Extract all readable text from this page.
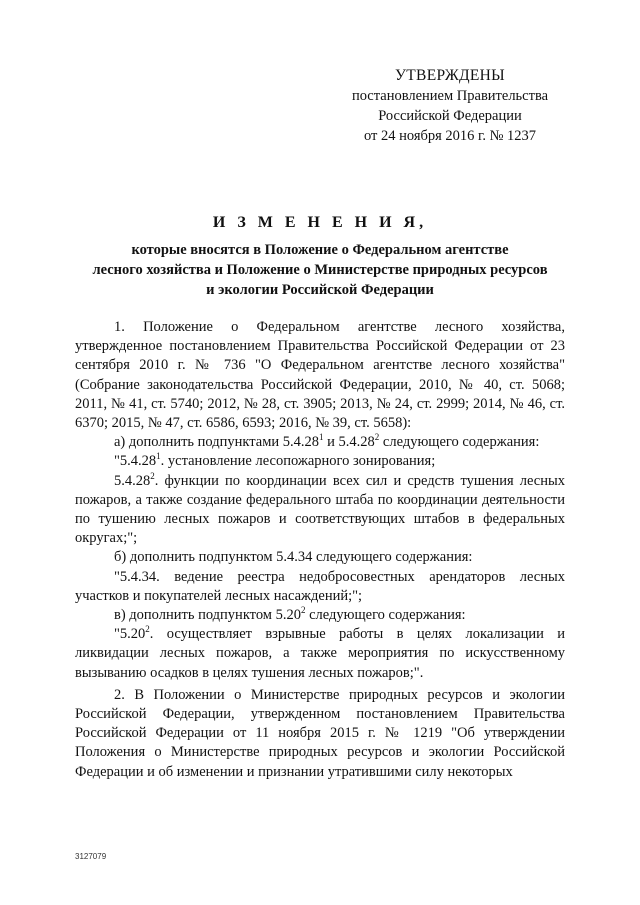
УТВЕРЖДЕНЫ
постановлением Правительства
Российской Федерации
от 24 ноября 2016 г. № 1237
И З М Е Н Е Н И Я,
которые вносятся в Положение о Федеральном агентстве
лесного хозяйства и Положение о Министерстве природных ресурсов
и экологии Российской Федерации

1. Положение о Федеральном агентстве лесного хозяйства, утвержденное постановлением Правительства Российской Федерации от 23 сентября 2010 г. № 736 "О Федеральном агентстве лесного хозяйства" (Собрание законодательства Российской Федерации, 2010, № 40, ст. 5068; 2011, № 41, ст. 5740; 2012, № 28, ст. 3905; 2013, № 24, ст. 2999; 2014, № 46, ст. 6370; 2015, № 47, ст. 6586, 6593; 2016, № 39, ст. 5658):

а) дополнить подпунктами 5.4.28$^1$ и 5.4.28$^2$ следующего содержания:

"5.4.28$^1$. установление лесопожарного зонирования;

5.4.28$^2$. функции по координации всех сил и средств тушения лесных пожаров, а также создание федерального штаба по координации деятельности по тушению лесных пожаров и соответствующих штабов в федеральных округах;";

б) дополнить подпунктом 5.4.34 следующего содержания:

"5.4.34. ведение реестра недобросовестных арендаторов лесных участков и покупателей лесных насаждений;";

в) дополнить подпунктом 5.20$^2$ следующего содержания:

"5.20$^2$. осуществляет взрывные работы в целях локализации и ликвидации лесных пожаров, а также мероприятия по искусственному вызыванию осадков в целях тушения лесных пожаров;".

2. В Положении о Министерстве природных ресурсов и экологии Российской Федерации, утвержденном постановлением Правительства Российской Федерации от 11 ноября 2015 г. № 1219 "Об утверждении Положения о Министерстве природных ресурсов и экологии Российской Федерации и об изменении и признании утратившими силу некоторых

3127079
